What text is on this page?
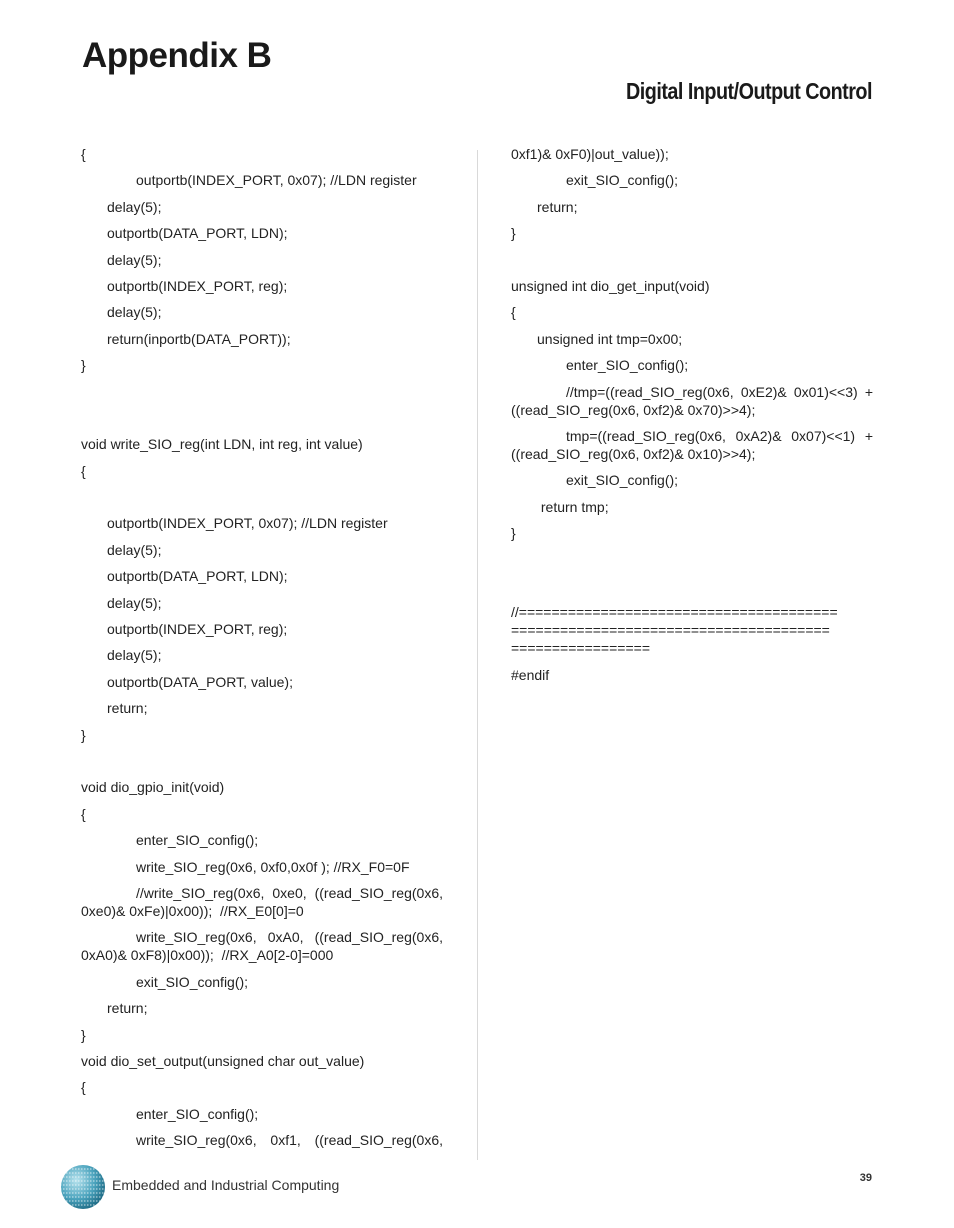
Appendix B
Digital Input/Output Control
{
outportb(INDEX_PORT, 0x07); //LDN register
delay(5);
outportb(DATA_PORT, LDN);
delay(5);
outportb(INDEX_PORT, reg);
delay(5);
return(inportb(DATA_PORT));
}
void write_SIO_reg(int LDN, int reg, int value)
{
outportb(INDEX_PORT, 0x07); //LDN register
delay(5);
outportb(DATA_PORT, LDN);
delay(5);
outportb(INDEX_PORT, reg);
delay(5);
outportb(DATA_PORT, value);
return;
}
void dio_gpio_init(void)
{
enter_SIO_config();
write_SIO_reg(0x6, 0xf0,0x0f ); //RX_F0=0F
//write_SIO_reg(0x6, 0xe0, ((read_SIO_reg(0x6,
0xe0)& 0xFe)|0x00));  //RX_E0[0]=0
write_SIO_reg(0x6, 0xA0, ((read_SIO_reg(0x6,
0xA0)& 0xF8)|0x00));  //RX_A0[2-0]=000
exit_SIO_config();
return;
}
void dio_set_output(unsigned char out_value)
{
enter_SIO_config();
write_SIO_reg(0x6, 0xf1, ((read_SIO_reg(0x6,
0xf1)& 0xF0)|out_value));
exit_SIO_config();
return;
}
unsigned int dio_get_input(void)
{
unsigned int tmp=0x00;
enter_SIO_config();
//tmp=((read_SIO_reg(0x6, 0xE2)& 0x01)<<3) +
((read_SIO_reg(0x6, 0xf2)& 0x70)>>4);
tmp=((read_SIO_reg(0x6, 0xA2)& 0x07)<<1) +
((read_SIO_reg(0x6, 0xf2)& 0x10)>>4);
exit_SIO_config();
return tmp;
}
//=======================================
=======================================
=================
#endif
Embedded and Industrial Computing	39
